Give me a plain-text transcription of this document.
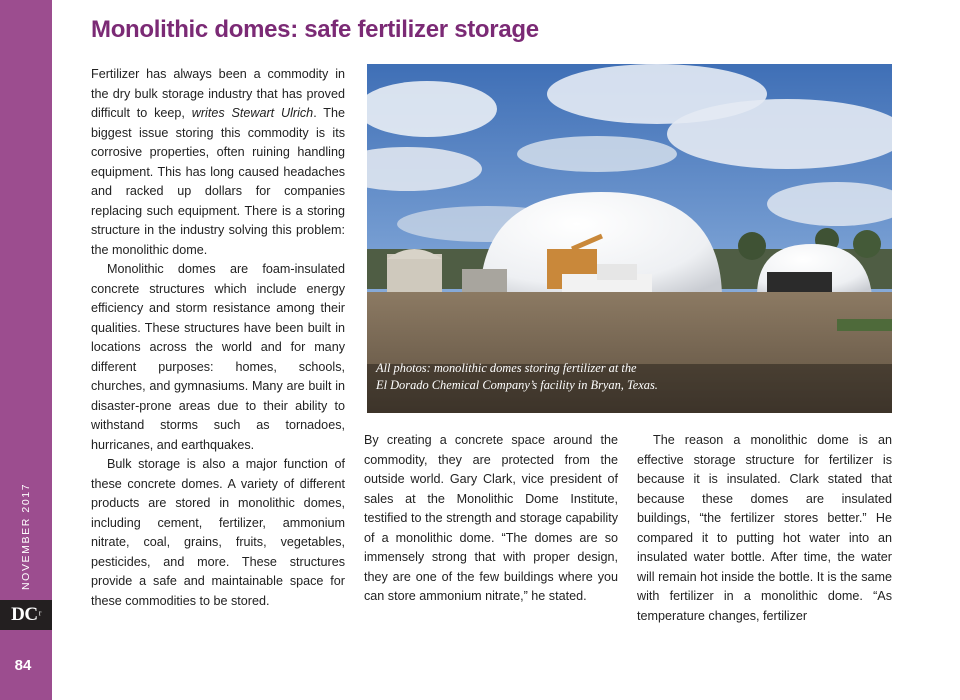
NOVEMBER 2017
DC ʳ
84
Monolithic domes: safe fertilizer storage

Fertilizer has always been a commodity in the dry bulk storage industry that has proved difficult to keep, writes Stewart Ulrich. The biggest issue storing this commodity is its corrosive properties, often ruining handling equipment. This has long caused headaches and racked up dollars for companies replacing such equipment. There is a storing structure in the industry solving this problem: the monolithic dome.

Monolithic domes are foam-insulated concrete structures which include energy efficiency and storm resistance among their qualities. These structures have been built in locations across the world and for many different purposes: homes, schools, churches, and gymnasiums. Many are built in disaster-prone areas due to their ability to withstand storms such as tornadoes, hurricanes, and earthquakes.

Bulk storage is also a major function of these concrete domes. A variety of different products are stored in monolithic domes, including cement, fertilizer, ammonium nitrate, coal, grains, fruits, vegetables, pesticides, and more. These structures provide a safe and maintainable space for these commodities to be stored.

All photos: monolithic domes storing fertilizer at the
El Dorado Chemical Company’s facility in Bryan, Texas.

By creating a concrete space around the commodity, they are protected from the outside world. Gary Clark, vice president of sales at the Monolithic Dome Institute, testified to the strength and storage capability of a monolithic dome. “The domes are so immensely strong that with proper design, they are one of the few buildings where you can store ammonium nitrate,” he stated.

The reason a monolithic dome is an effective storage structure for fertilizer is because it is insulated. Clark stated that because these domes are insulated buildings, “the fertilizer stores better.” He compared it to putting hot water into an insulated water bottle. After time, the water will remain hot inside the bottle. It is the same with fertilizer in a monolithic dome. “As temperature changes, fertilizer
